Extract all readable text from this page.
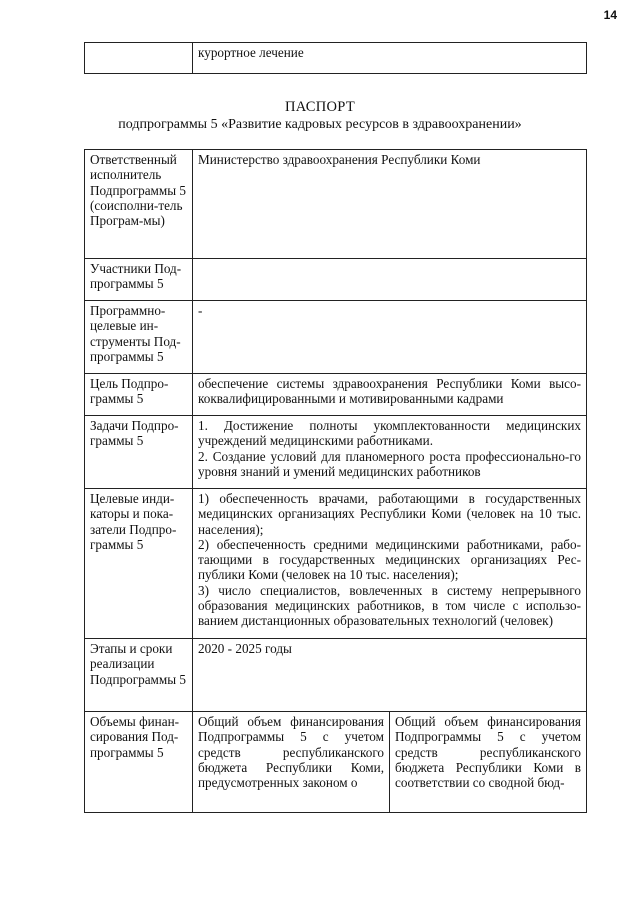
14
	курортное лечение
ПАСПОРТ
подпрограммы 5 «Развитие кадровых ресурсов в здравоохранении»
Ответственный исполнитель Подпрограммы 5 (соисполни-тель Програм-мы)	Министерство здравоохранения Республики Коми	
Участники Под-программы 5		
Программно-целевые ин-струменты Под-программы 5	-	
Цель Подпро-граммы 5	обеспечение системы здравоохранения Республики Коми высо-коквалифицированными и мотивированными кадрами	
Задачи Подпро-граммы 5	1. Достижение полноты укомплектованности медицинских учреждений медицинскими работниками.
2. Создание условий для планомерного роста профессионально-го уровня знаний и умений медицинских работников	

Целевые инди-каторы и пока-затели Подпро-граммы 5	1) обеспеченность врачами, работающими в государственных медицинских организациях Республики Коми (человек на 10 тыс. населения);
2) обеспеченность средними медицинскими работниками, рабо-тающими в государственных медицинских организациях Рес-публики Коми (человек на 10 тыс. населения);
3) число специалистов, вовлеченных в систему непрерывного образования медицинских работников, в том числе с использо-ванием дистанционных образовательных технологий (человек)	

Этапы и сроки реализации Подпрограммы 5	2020 - 2025 годы	
Объемы финан-сирования Под-программы 5	Общий объем финансирования Подпрограммы 5 с учетом средств республиканского бюджета Республики Коми, предусмотренных законом о	Общий объем финансирования Подпрограммы 5 с учетом средств республиканского бюджета Республики Коми в соответствии со сводной бюд-
